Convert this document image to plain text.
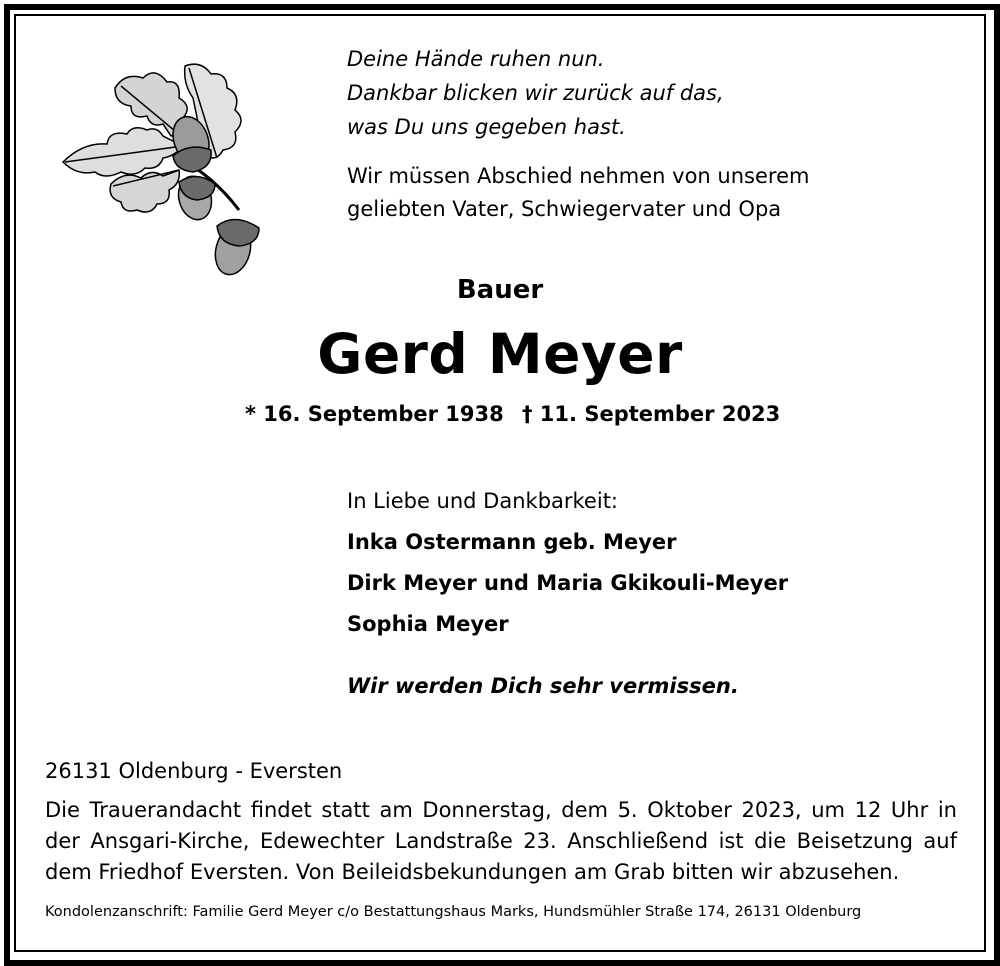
Deine Hände ruhen nun.
Dankbar blicken wir zurück auf das,
was Du uns gegeben hast.
Wir müssen Abschied nehmen von unserem
geliebten Vater, Schwiegervater und Opa
Bauer
Gerd Meyer
* 16. September 1938 † 11. September 2023
In Liebe und Dankbarkeit:
Inka Ostermann geb. Meyer
Dirk Meyer und Maria Gkikouli-Meyer
Sophia Meyer
Wir werden Dich sehr vermissen.
26131 Oldenburg - Eversten
Die Trauerandacht findet statt am Donnerstag, dem 5. Oktober 2023, um 12 Uhr in der Ansgari-Kirche, Edewechter Landstraße 23. Anschließend ist die Beisetzung auf dem Friedhof Eversten. Von Beileidsbekundungen am Grab bitten wir abzusehen.
Kondolenzanschrift: Familie Gerd Meyer c/o Bestattungshaus Marks, Hundsmühler Straße 174, 26131 Oldenburg
